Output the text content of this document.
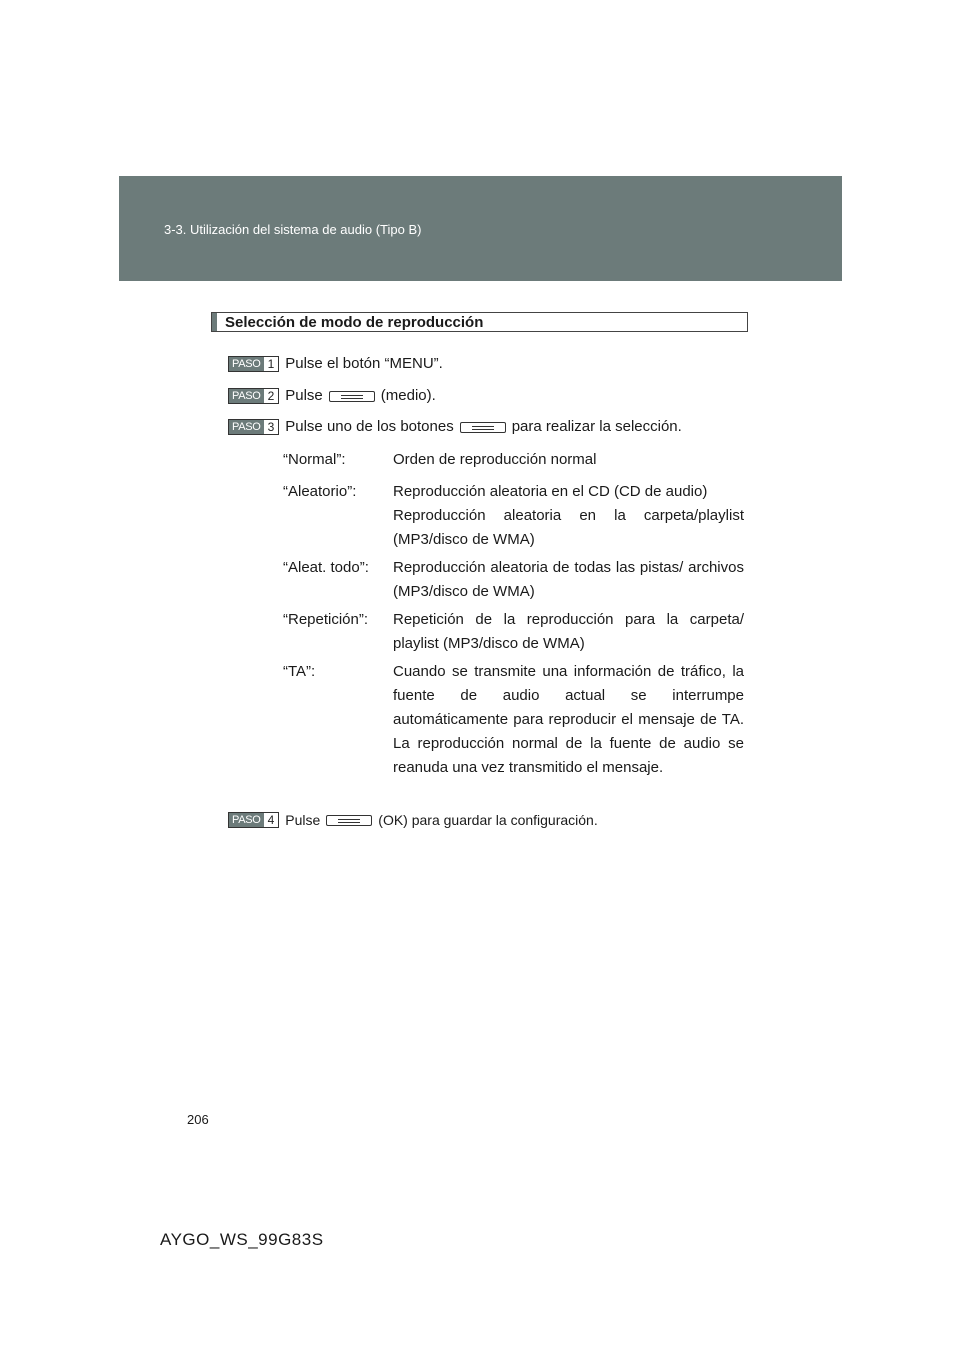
3-3. Utilización del sistema de audio (Tipo B)
Selección de modo de reproducción
PASO 1 Pulse el botón “MENU”.
PASO 2 Pulse	(medio).
PASO 3 Pulse uno de los botones	para realizar la selección.
“Normal”:	Orden de reproducción normal
“Aleatorio”: Reproducción aleatoria en el CD (CD de audio)
Reproducción aleatoria en la carpeta/playlist (MP3/disco de WMA)
“Aleat. todo”: Reproducción aleatoria de todas las pistas/ archivos (MP3/disco de WMA)
“Repetición”: Repetición de la reproducción para la carpeta/ playlist (MP3/disco de WMA)
“TA”:	Cuando se transmite una información de tráfico, la fuente de audio actual se interrumpe automáticamente para reproducir el mensaje de TA. La reproducción normal de la fuente de audio se reanuda una vez transmitido el mensaje.
PASO 4 Pulse	(OK) para guardar la configuración.
206
AYGO_WS_99G83S
